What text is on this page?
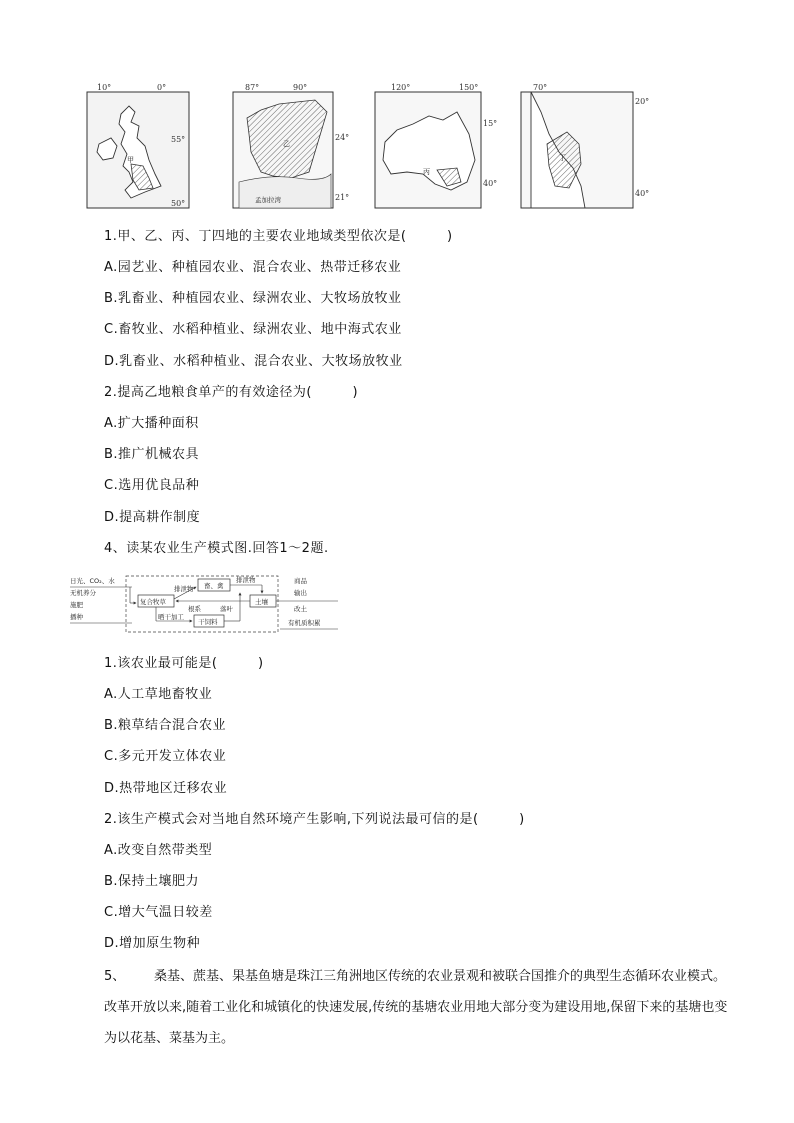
10°	0°
55°
50°
甲
87°	90°
24°
21°
乙
孟加拉湾
120°	150°
15°
40°
丙
70°
20°
40°
丁
1.甲、乙、丙、丁四地的主要农业地域类型依次是(　　　)
A.园艺业、种植园农业、混合农业、热带迁移农业
B.乳畜业、种植园农业、绿洲农业、大牧场放牧业
C.畜牧业、水稻种植业、绿洲农业、地中海式农业
D.乳畜业、水稻种植业、混合农业、大牧场放牧业
2.提高乙地粮食单产的有效途径为(　　　)
A.扩大播种面积
B.推广机械农具
C.选用优良品种
D.提高耕作制度
4、读某农业生产模式图.回答1～2题.
日光、CO₂、水
无机养分
施肥
播种
复合牧草
畜、禽
土壤
干饲料
排泄物
排泄物
根系	落叶
晒干加工
商品
输出
改土
有机质积累
1.该农业最可能是(　　　)
A.人工草地畜牧业
B.粮草结合混合农业
C.多元开发立体农业
D.热带地区迁移农业
2.该生产模式会对当地自然环境产生影响,下列说法最可信的是(　　　)
A.改变自然带类型
B.保持土壤肥力
C.增大气温日较差
D.增加原生物种
5、 桑基、蔗基、果基鱼塘是珠江三角洲地区传统的农业景观和被联合国推介的典型生态循环农业模式。改革开放以来,随着工业化和城镇化的快速发展,传统的基塘农业用地大部分变为建设用地,保留下来的基塘也变为以花基、菜基为主。
